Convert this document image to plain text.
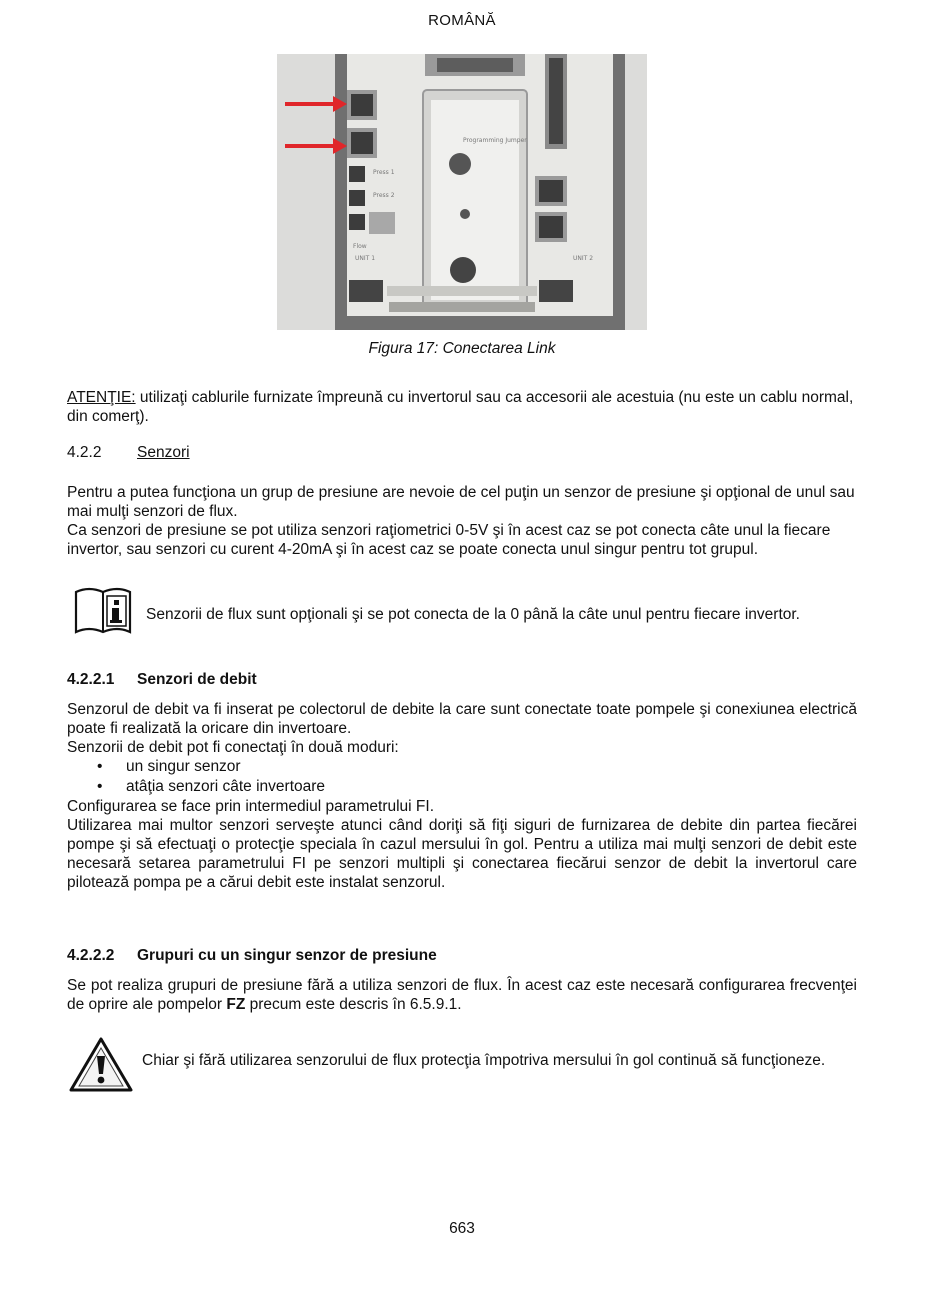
ROMÂNĂ
Programming Jumper
Press 1
Press 2
Flow
UNIT 1	UNIT 2
Figura 17: Conectarea Link
ATENŢIE: utilizaţi cablurile furnizate împreună cu invertorul sau ca accesorii ale acestuia (nu este un cablu normal, din comerţ).
4.2.2 Senzori
Pentru a putea funcţiona un grup de presiune are nevoie de cel puţin un senzor de presiune şi opţional de unul sau mai mulţi senzori de flux.
Ca senzori de presiune se pot utiliza senzori raţiometrici 0-5V şi în acest caz se pot conecta câte unul la fiecare invertor, sau senzori cu curent 4-20mA şi în acest caz se poate conecta unul singur pentru tot grupul.
Senzorii de flux sunt opţionali şi se pot conecta de la 0 până la câte unul pentru fiecare invertor.
4.2.2.1 Senzori de debit
Senzorul de debit va fi inserat pe colectorul de debite la care sunt conectate toate pompele şi conexiunea electrică poate fi realizată la oricare din invertoare.
Senzorii de debit pot fi conectaţi în două moduri:
• un singur senzor
• atâţia senzori câte invertoare
Configurarea se face prin intermediul parametrului FI.
Utilizarea mai multor senzori serveşte atunci când doriţi să fiţi siguri de furnizarea de debite din partea fiecărei pompe şi să efectuaţi o protecţie speciala în cazul mersului în gol. Pentru a utiliza mai mulţi senzori de debit este necesară setarea parametrului FI pe senzori multipli şi conectarea fiecărui senzor de debit la invertorul care pilotează pompa pe a cărui debit este instalat senzorul.
4.2.2.2 Grupuri cu un singur senzor de presiune
Se pot realiza grupuri de presiune fără a utiliza senzori de flux. În acest caz este necesară configurarea frecvenţei de oprire ale pompelor FZ precum este descris în 6.5.9.1.
Chiar şi fără utilizarea senzorului de flux protecţia împotriva mersului în gol continuă să funcţioneze.
663
